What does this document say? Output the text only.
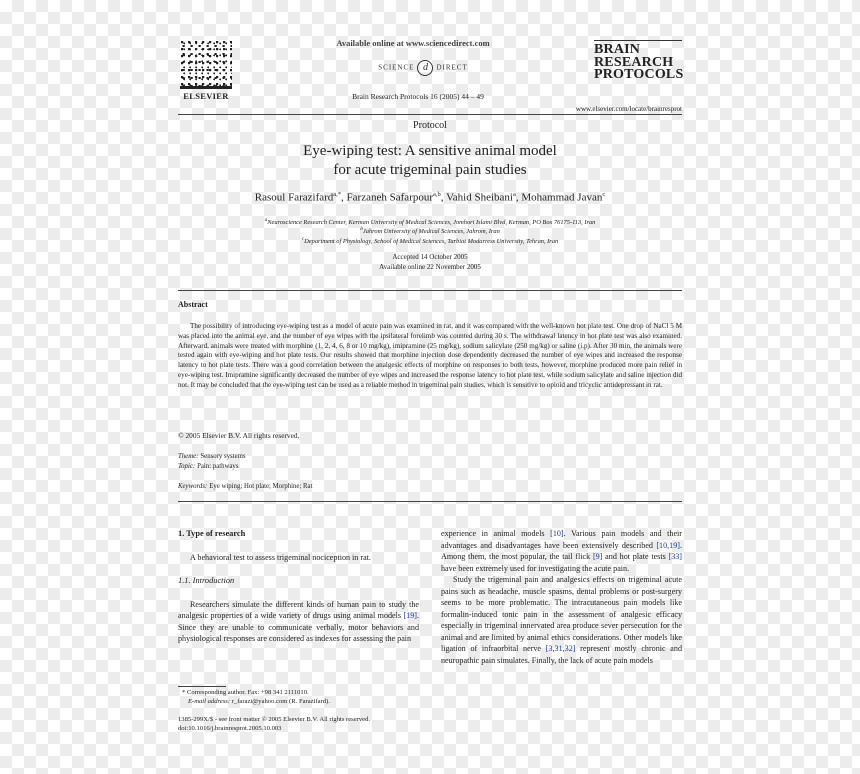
ELSEVIER
Available online at www.sciencedirect.com
SCIENCE d DIRECT
Brain Research Protocols 16 (2005) 44 – 49
BRAIN
RESEARCH
PROTOCOLS
www.elsevier.com/locate/brainresprot
Protocol
Eye-wiping test: A sensitive animal model
for acute trigeminal pain studies
Rasoul Farazifard$^{a,*}$, Farzaneh Safarpour$^{a,b}$, Vahid Sheibani$^a$, Mohammad Javan$^c$
$^a$Neuroscience Research Center, Kerman University of Medical Sciences, Jomhori Islami Blvd, Kerman, PO Box 76175-113, Iran
$^b$Jahrom University of Medical Sciences, Jahrom, Iran
$^c$Department of Physiology, School of Medical Sciences, Tarbiat Modarress University, Tehran, Iran
Accepted 14 October 2005
Available online 22 November 2005
Abstract
The possibility of introducing eye-wiping test as a model of acute pain was examined in rat, and it was compared with the well-known hot plate test. One drop of NaCl 5 M was placed into the animal eye, and the number of eye wipes with the ipsilateral forelimb was counted during 30 s. The withdrawal latency in hot plate test was also examined. Afterward, animals were treated with morphine (1, 2, 4, 6, 8 or 10 mg/kg), imipramine (25 mg/kg), sodium salicylate (250 mg/kg) or saline (i.p). After 30 min, the animals were tested again with eye-wiping and hot plate tests. Our results showed that morphine injection dose dependently decreased the number of eye wipes and increased the response latency to hot plate tests. There was a good correlation between the analgesic effects of morphine on responses to both tests, however, morphine produced more pain relief in eye-wiping test. Imipramine significantly decreased the number of eye wipes and increased the response latency to hot plate test, while sodium salicylate and saline injection did not. It may be concluded that the eye-wiping test can be used as a reliable method in trigeminal pain studies, which is sensitive to opioid and tricyclic antidepressant in rat.
© 2005 Elsevier B.V. All rights reserved.
Theme: Sensory systems
Topic: Pain: pathways
Keywords: Eye wiping; Hot plate; Morphine; Rat
1. Type of research
A behavioral test to assess trigeminal nociception in rat.
1.1. Introduction
Researchers simulate the different kinds of human pain to study the analgesic properties of a wide variety of drugs using animal models [19]. Since they are unable to communicate verbally, motor behaviors and physiological responses are considered as indexes for assessing the pain
* Corresponding author. Fax: +98 341 2111010.
E-mail address: r_farazi@yahoo.com (R. Farazifard).
1385-299X/$ - see front matter © 2005 Elsevier B.V. All rights reserved.
doi:10.1016/j.brainresprot.2005.10.003
experience in animal models [10]. Various pain models and their advantages and disadvantages have been extensively described [10,19]. Among them, the most popular, the tail flick [9] and hot plate tests [33] have been extremely used for investigating the acute pain.
Study the trigeminal pain and analgesics effects on trigeminal acute pains such as headache, muscle spasms, dental problems or post-surgery seems to be more problematic. The intracutaneous pain models like formalin-induced tonic pain in the assessment of analgesic efficacy especially in trigeminal innervated area produce sever persecution for the animal and are limited by animal ethics considerations. Other models like ligation of infraorbital nerve [3,31,32] represent mostly chronic and neuropathic pain simulates. Finally, the lack of acute pain models
